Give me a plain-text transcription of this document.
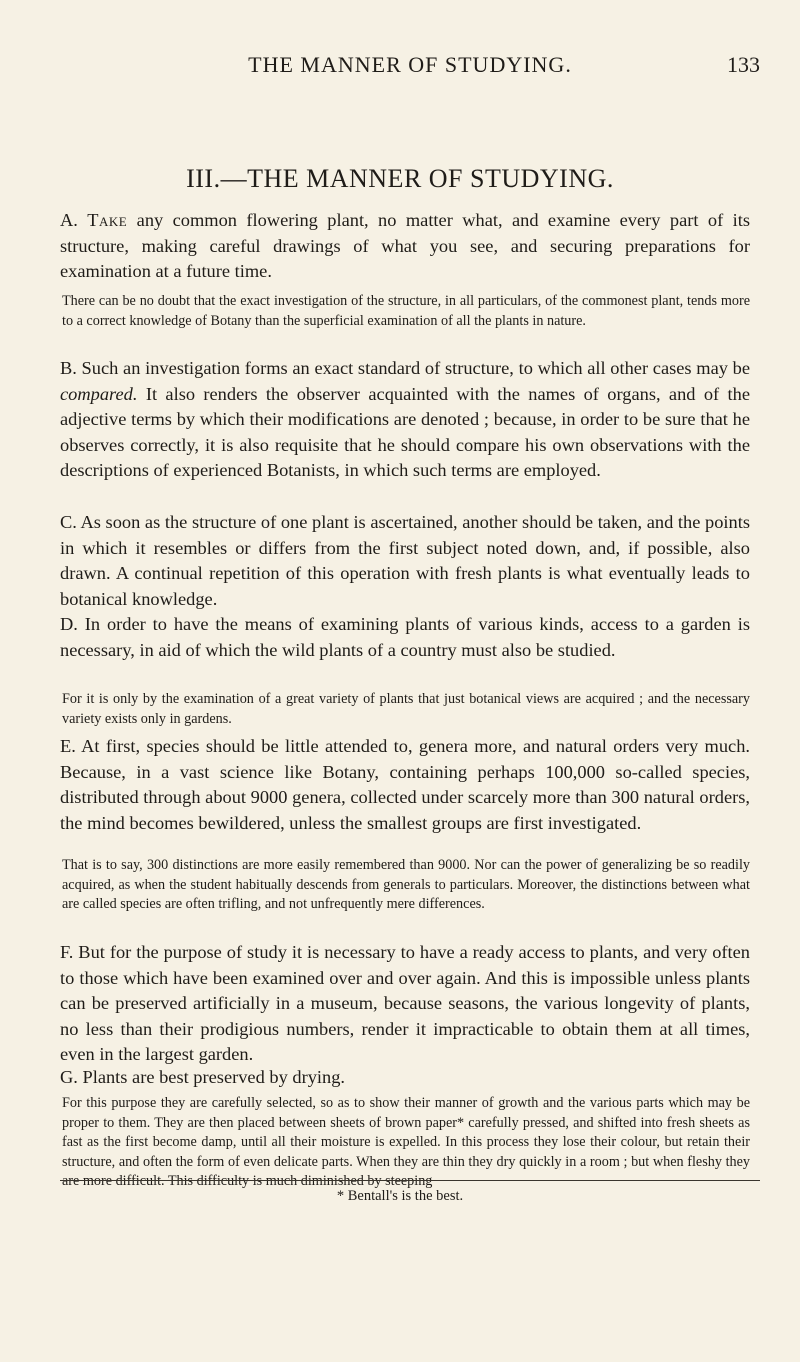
THE MANNER OF STUDYING.	133
III.—THE MANNER OF STUDYING.

A. Take any common flowering plant, no matter what, and examine every part of its structure, making careful drawings of what you see, and securing preparations for examination at a future time.

There can be no doubt that the exact investigation of the structure, in all particulars, of the commonest plant, tends more to a correct knowledge of Botany than the superficial examination of all the plants in nature.

B. Such an investigation forms an exact standard of structure, to which all other cases may be compared. It also renders the observer acquainted with the names of organs, and of the adjective terms by which their modifications are denoted ; because, in order to be sure that he observes correctly, it is also requisite that he should compare his own observations with the descriptions of experienced Botanists, in which such terms are employed.

C. As soon as the structure of one plant is ascertained, another should be taken, and the points in which it resembles or differs from the first subject noted down, and, if possible, also drawn. A continual repetition of this operation with fresh plants is what eventually leads to botanical knowledge.

D. In order to have the means of examining plants of various kinds, access to a garden is necessary, in aid of which the wild plants of a country must also be studied.

For it is only by the examination of a great variety of plants that just botanical views are acquired ; and the necessary variety exists only in gardens.

E. At first, species should be little attended to, genera more, and natural orders very much. Because, in a vast science like Botany, containing perhaps 100,000 so-called species, distributed through about 9000 genera, collected under scarcely more than 300 natural orders, the mind becomes bewildered, unless the smallest groups are first investigated.

That is to say, 300 distinctions are more easily remembered than 9000. Nor can the power of generalizing be so readily acquired, as when the student habitually descends from generals to particulars. Moreover, the distinctions between what are called species are often trifling, and not unfrequently mere differences.

F. But for the purpose of study it is necessary to have a ready access to plants, and very often to those which have been examined over and over again. And this is impossible unless plants can be preserved artificially in a museum, because seasons, the various longevity of plants, no less than their prodigious numbers, render it impracticable to obtain them at all times, even in the largest garden.

G. Plants are best preserved by drying.

For this purpose they are carefully selected, so as to show their manner of growth and the various parts which may be proper to them. They are then placed between sheets of brown paper* carefully pressed, and shifted into fresh sheets as fast as the first become damp, until all their moisture is expelled. In this process they lose their colour, but retain their structure, and often the form of even delicate parts. When they are thin they dry quickly in a room ; but when fleshy they are more difficult. This difficulty is much diminished by steeping

* Bentall's is the best.
